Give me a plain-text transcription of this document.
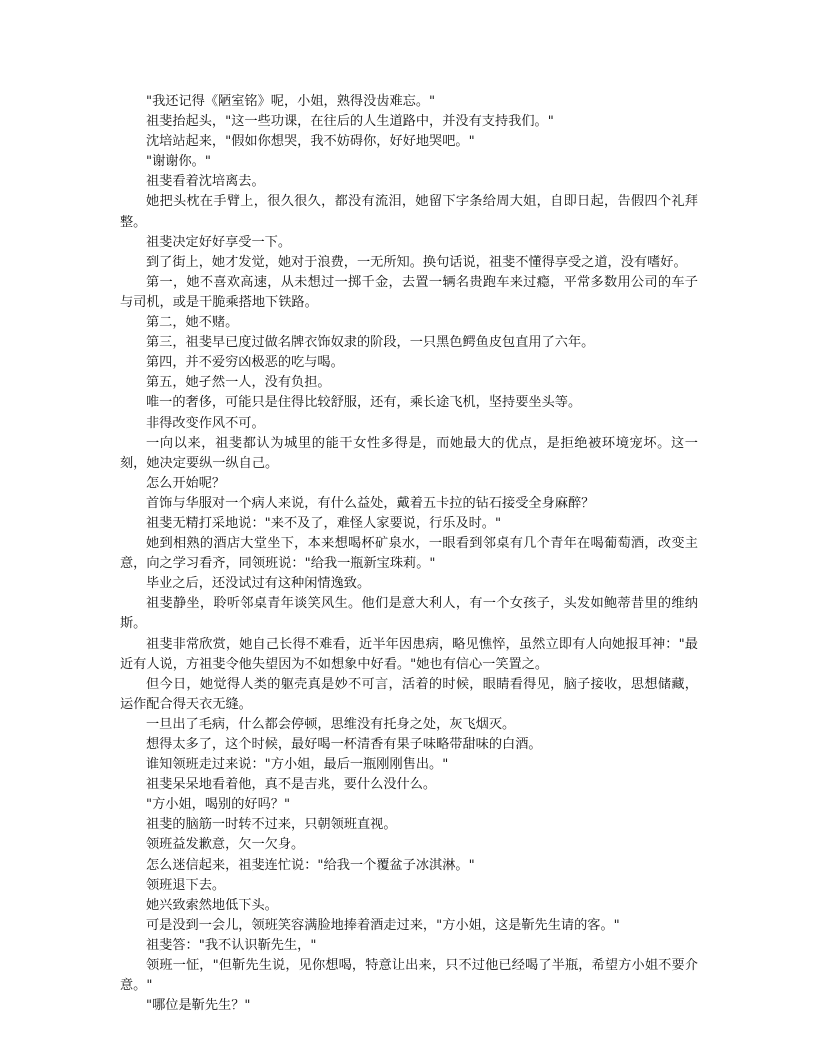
"我还记得《陋室铭》呢，小姐，熟得没齿难忘。"

祖斐抬起头，"这一些功课，在往后的人生道路中，并没有支持我们。"

沈培站起来，"假如你想哭，我不妨碍你，好好地哭吧。"

"谢谢你。"

祖斐看着沈培离去。

她把头枕在手臂上，很久很久，都没有流泪，她留下字条给周大姐，自即日起，告假四个礼拜整。

祖斐决定好好享受一下。

到了街上，她才发觉，她对于浪费，一无所知。换句话说，祖斐不懂得享受之道，没有嗜好。

第一，她不喜欢高速，从未想过一掷千金，去置一辆名贵跑车来过瘾，平常多数用公司的车子与司机，或是干脆乘搭地下铁路。

第二，她不赌。

第三，祖斐早已度过做名牌衣饰奴隶的阶段，一只黑色鳄鱼皮包直用了六年。

第四，并不爱穷凶极恶的吃与喝。

第五，她孑然一人，没有负担。

唯一的奢侈，可能只是住得比较舒服，还有，乘长途飞机，坚持要坐头等。

非得改变作风不可。

一向以来，祖斐都认为城里的能干女性多得是，而她最大的优点，是拒绝被环境宠坏。这一刻，她决定要纵一纵自己。

怎么开始呢？

首饰与华服对一个病人来说，有什么益处，戴着五卡拉的钻石接受全身麻醉？

祖斐无精打采地说："来不及了，难怪人家要说，行乐及时。"

她到相熟的酒店大堂坐下，本来想喝杯矿泉水，一眼看到邻桌有几个青年在喝葡萄酒，改变主意，向之学习看齐，同领班说："给我一瓶新宝珠莉。"

毕业之后，还没试过有这种闲情逸致。

祖斐静坐，聆听邻桌青年谈笑风生。他们是意大利人，有一个女孩子，头发如鲍蒂昔里的维纳斯。

祖斐非常欣赏，她自己长得不难看，近半年因患病，略见憔悴，虽然立即有人向她报耳神："最近有人说，方祖斐令他失望因为不如想象中好看。"她也有信心一笑置之。

但今日，她觉得人类的躯壳真是妙不可言，活着的时候，眼睛看得见，脑子接收，思想储藏，运作配合得天衣无缝。

一旦出了毛病，什么都会停顿，思维没有托身之处，灰飞烟灭。

想得太多了，这个时候，最好喝一杯清香有果子味略带甜味的白酒。

谁知领班走过来说："方小姐，最后一瓶刚刚售出。"

祖斐呆呆地看着他，真不是吉兆，要什么没什么。

"方小姐，喝别的好吗？"

祖斐的脑筋一时转不过来，只朝领班直视。

领班益发歉意，欠一欠身。

怎么迷信起来，祖斐连忙说："给我一个覆盆子冰淇淋。"

领班退下去。

她兴致索然地低下头。

可是没到一会儿，领班笑容满脸地捧着酒走过来，"方小姐，这是靳先生请的客。"

祖斐答："我不认识靳先生，"

领班一怔，"但靳先生说，见你想喝，特意让出来，只不过他已经喝了半瓶，希望方小姐不要介意。"

"哪位是靳先生？"
